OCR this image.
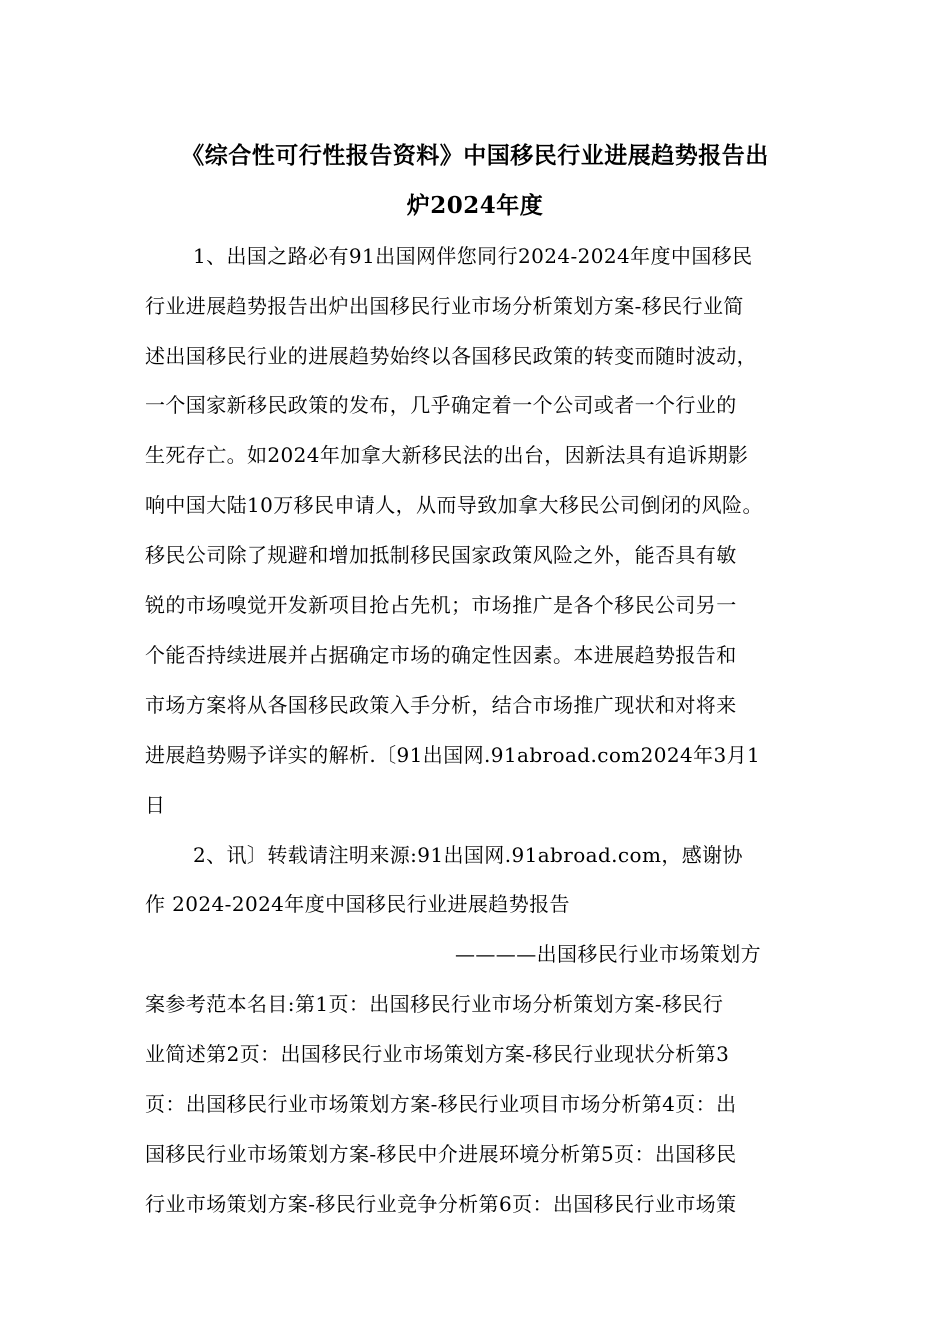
《综合性可行性报告资料》中国移民行业进展趋势报告出
炉2024年度
1、出国之路必有91出国网伴您同行2024-2024年度中国移民
行业进展趋势报告出炉出国移民行业市场分析策划方案-移民行业简
述出国移民行业的进展趋势始终以各国移民政策的转变而随时波动，
一个国家新移民政策的发布，几乎确定着一个公司或者一个行业的
生死存亡。如2024年加拿大新移民法的出台，因新法具有追诉期影
响中国大陆10万移民申请人，从而导致加拿大移民公司倒闭的风险。
移民公司除了规避和增加抵制移民国家政策风险之外，能否具有敏
锐的市场嗅觉开发新项目抢占先机；市场推广是各个移民公司另一
个能否持续进展并占据确定市场的确定性因素。本进展趋势报告和
市场方案将从各国移民政策入手分析，结合市场推广现状和对将来
进展趋势赐予详实的解析.〔91出国网.91abroad.com2024年3月1
日
2、讯〕转载请注明来源:91出国网.91abroad.com，感谢协
作 2024-2024年度中国移民行业进展趋势报告
————出国移民行业市场策划方
案参考范本名目:第1页：出国移民行业市场分析策划方案-移民行
业简述第2页：出国移民行业市场策划方案-移民行业现状分析第3
页：出国移民行业市场策划方案-移民行业项目市场分析第4页：出
国移民行业市场策划方案-移民中介进展环境分析第5页：出国移民
行业市场策划方案-移民行业竞争分析第6页：出国移民行业市场策
